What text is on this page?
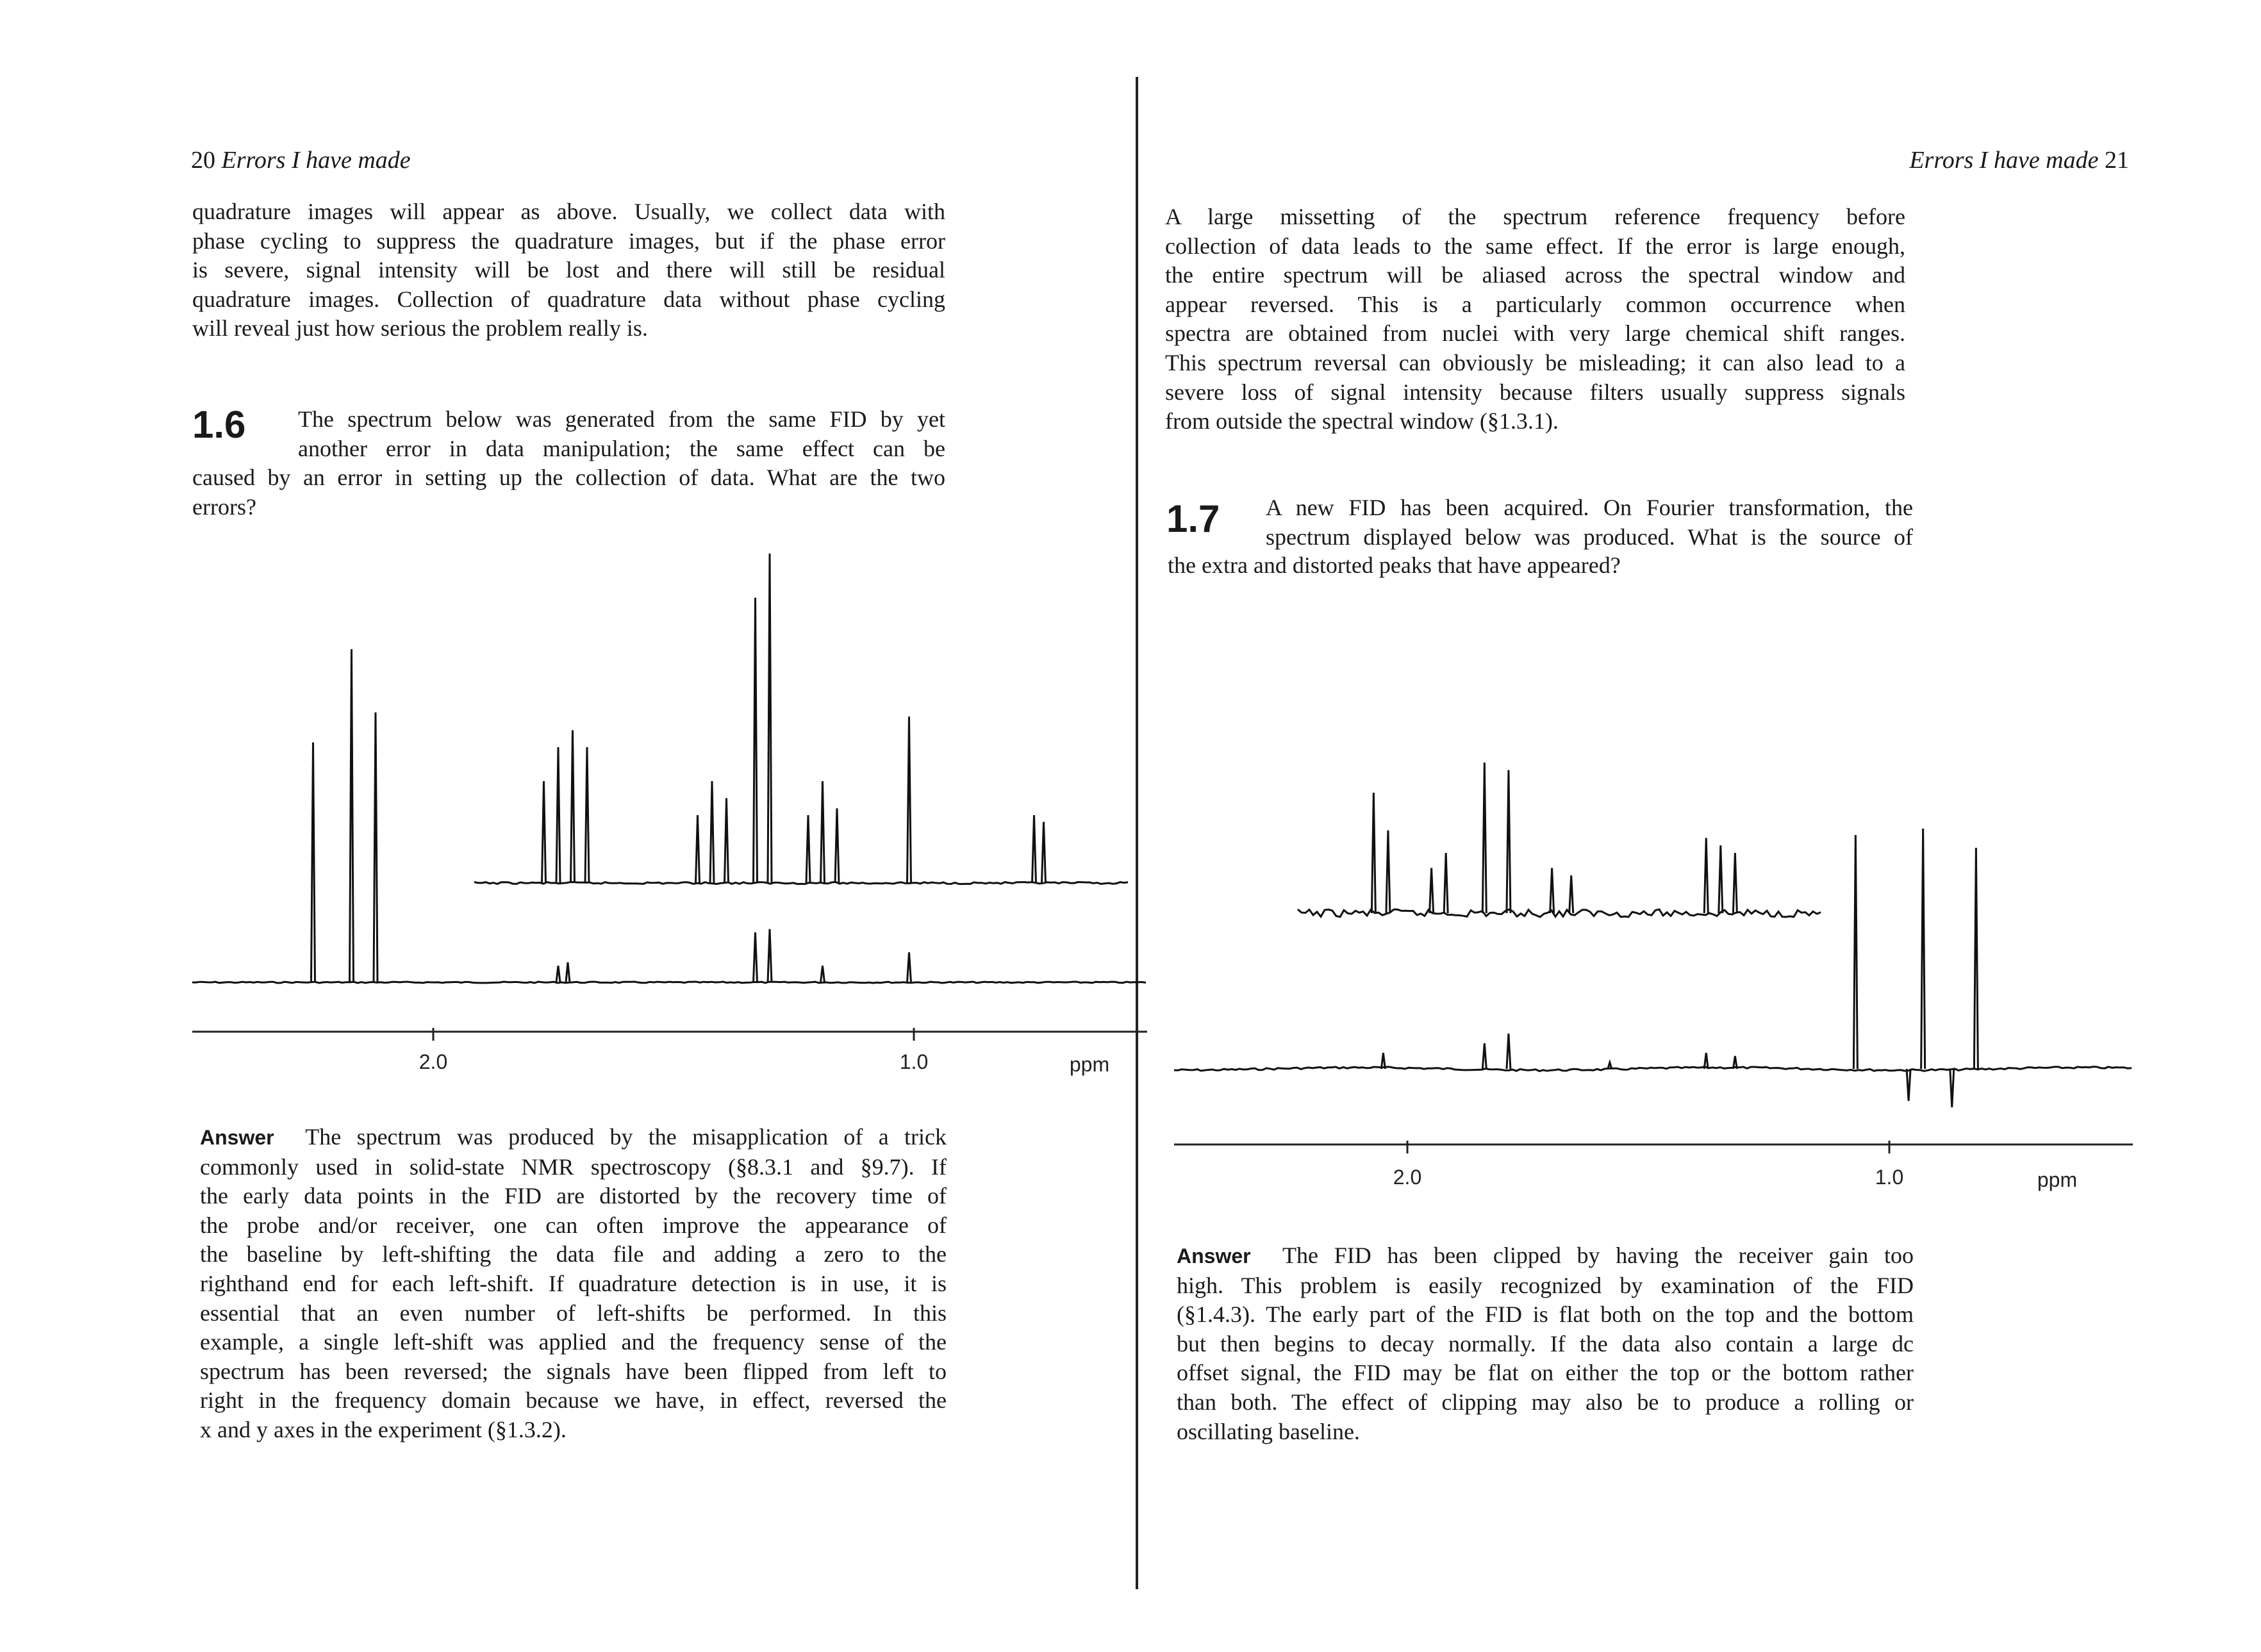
20 Errors I have made
quadrature images will appear as above. Usually, we collect data with
phase cycling to suppress the quadrature images, but if the phase error
is severe, signal intensity will be lost and there will still be residual
quadrature images. Collection of quadrature data without phase cycling
will reveal just how serious the problem really is.
1.6 The spectrum below was generated from the same FID by yet
another error in data manipulation; the same effect can be
caused by an error in setting up the collection of data. What are the two
errors?
Answer The spectrum was produced by the misapplication of a trick
commonly used in solid-state NMR spectroscopy (§8.3.1 and §9.7). If
the early data points in the FID are distorted by the recovery time of
the probe and/or receiver, one can often improve the appearance of
the baseline by left-shifting the data file and adding a zero to the
righthand end for each left-shift. If quadrature detection is in use, it is
essential that an even number of left-shifts be performed. In this
example, a single left-shift was applied and the frequency sense of the
spectrum has been reversed; the signals have been flipped from left to
right in the frequency domain because we have, in effect, reversed the
x and y axes in the experiment (§1.3.2).
Errors I have made 21
A large missetting of the spectrum reference frequency before
collection of data leads to the same effect. If the error is large enough,
the entire spectrum will be aliased across the spectral window and
appear reversed. This is a particularly common occurrence when
spectra are obtained from nuclei with very large chemical shift ranges.
This spectrum reversal can obviously be misleading; it can also lead to a
severe loss of signal intensity because filters usually suppress signals
from outside the spectral window (§1.3.1).
1.7 A new FID has been acquired. On Fourier transformation, the
spectrum displayed below was produced. What is the source of
the extra and distorted peaks that have appeared?
Answer The FID has been clipped by having the receiver gain too
high. This problem is easily recognized by examination of the FID
(§1.4.3). The early part of the FID is flat both on the top and the bottom
but then begins to decay normally. If the data also contain a large dc
offset signal, the FID may be flat on either the top or the bottom rather
than both. The effect of clipping may also be to produce a rolling or
oscillating baseline.
2.0	1.0	ppm
2.0	1.0	ppm
